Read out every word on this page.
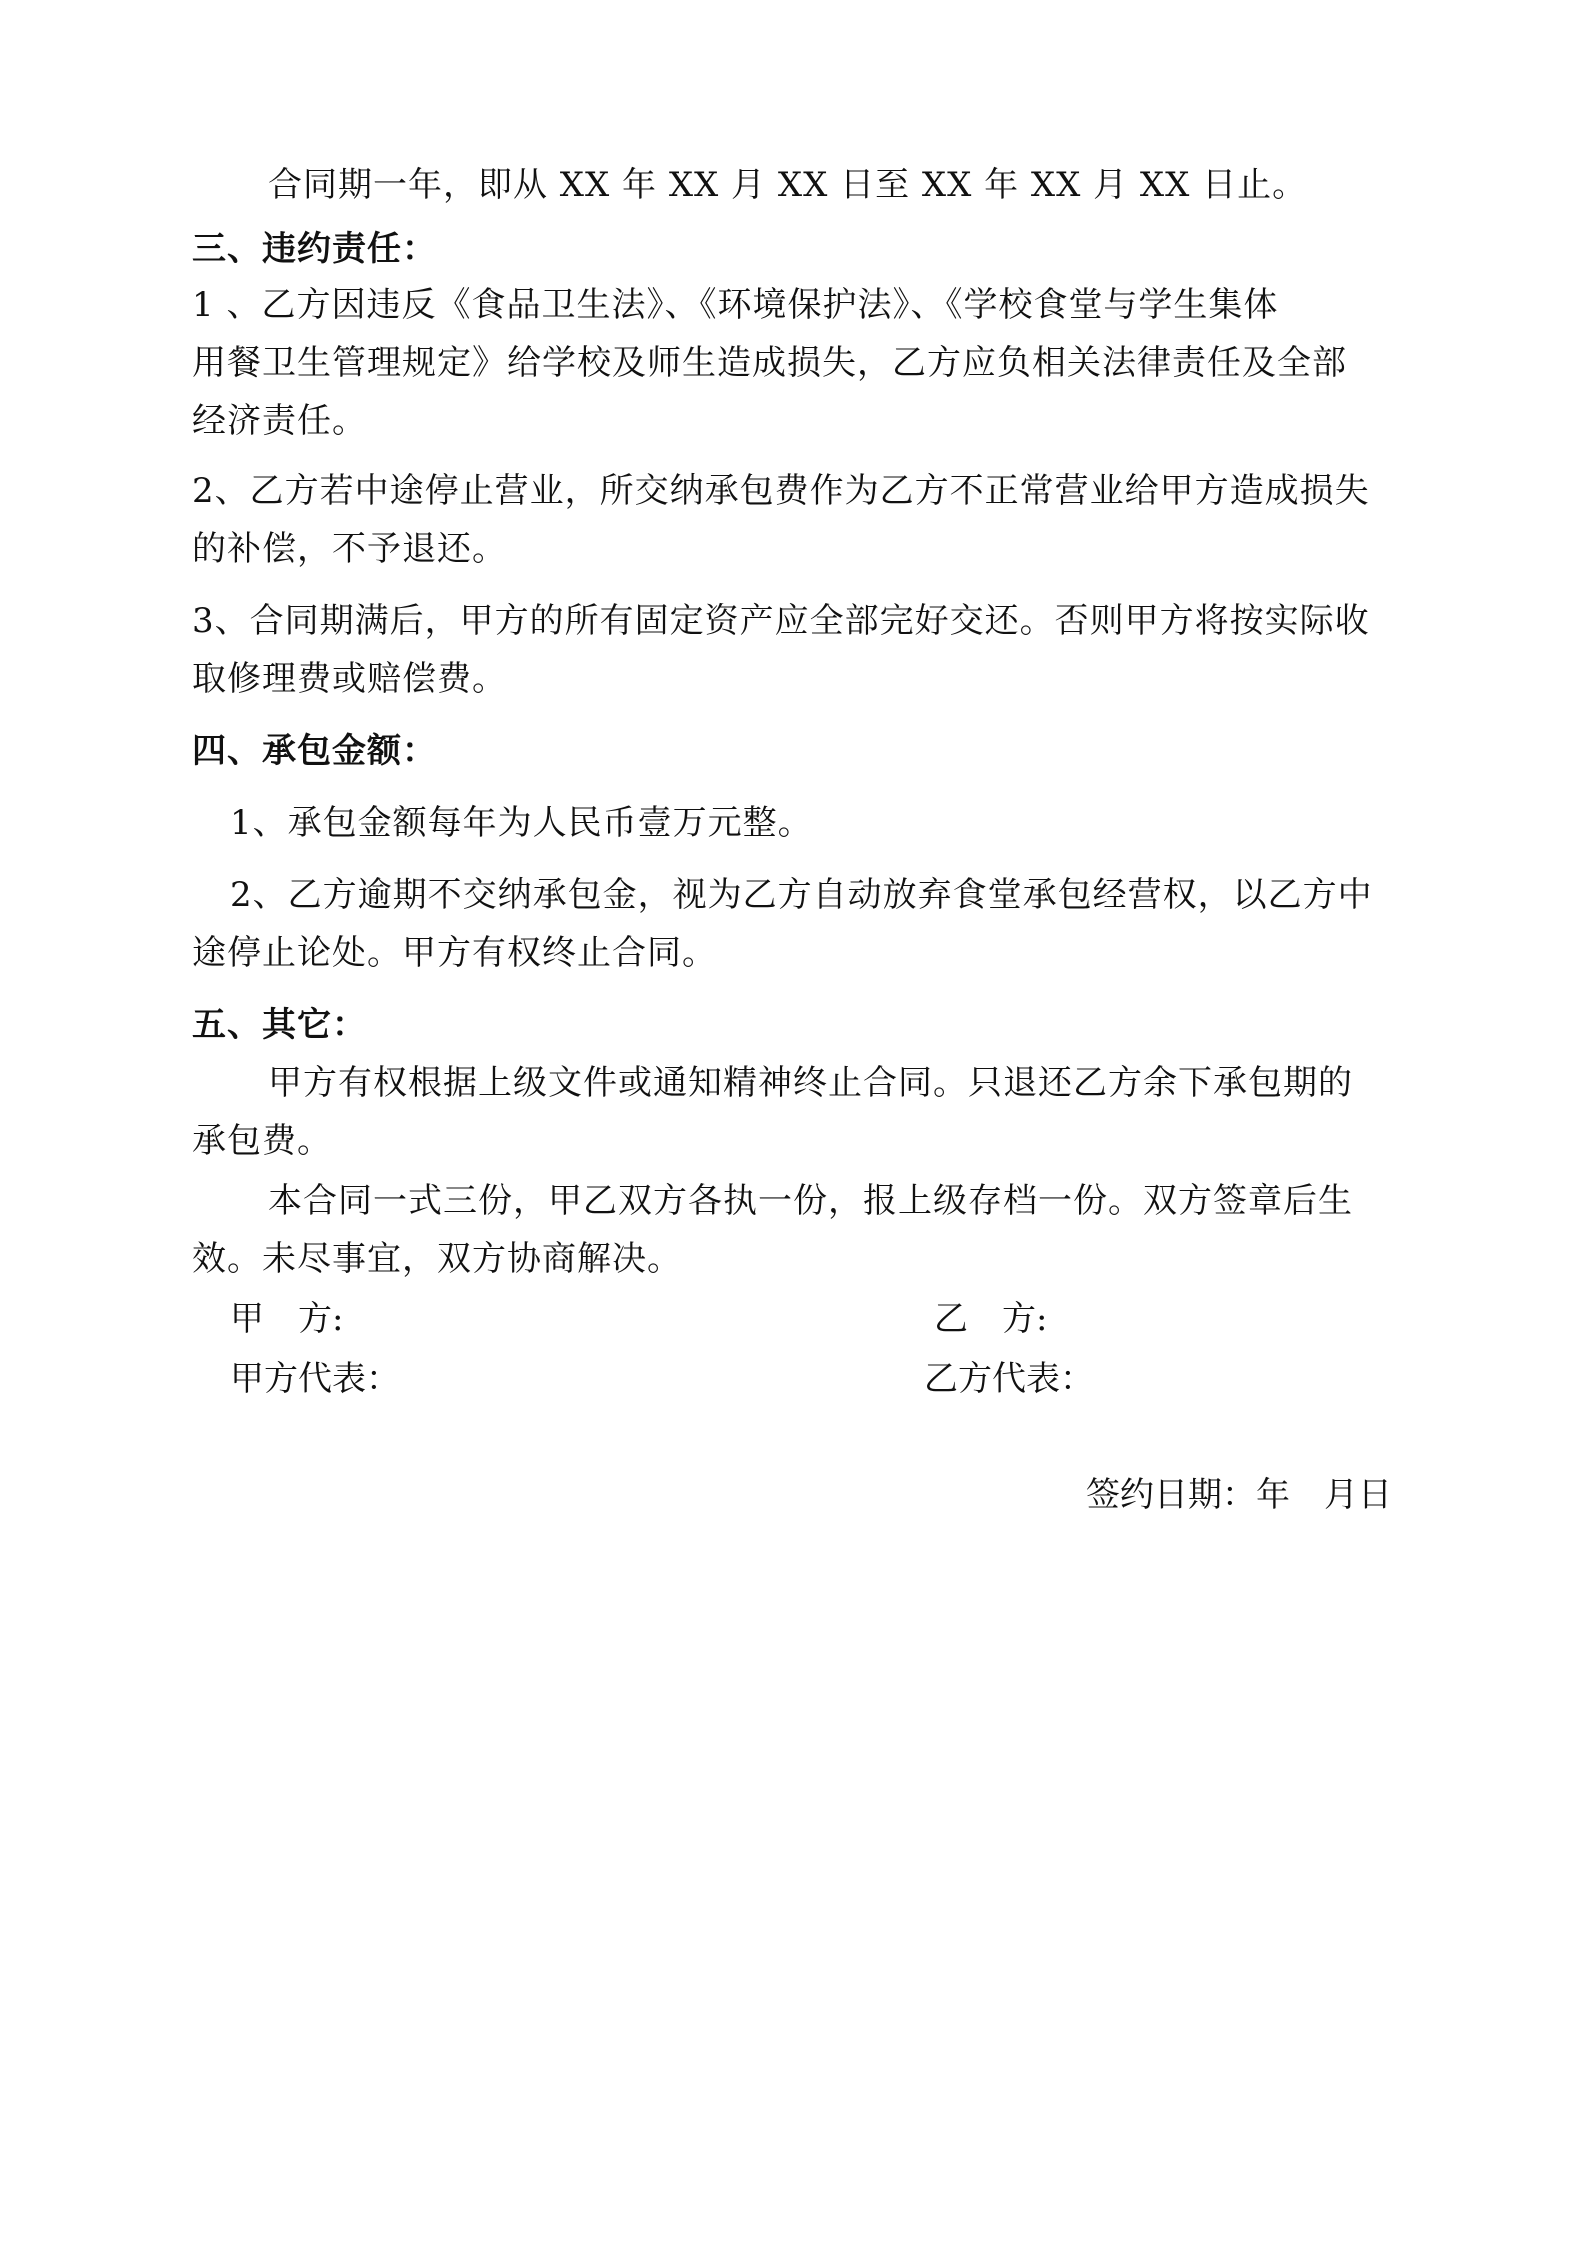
合同期一年，即从 XX 年 XX 月 XX 日至 XX 年 XX 月 XX 日止。
三、违约责任：
1 、乙方因违反《食品卫生法》、《环境保护法》、《学校食堂与学生集体
用餐卫生管理规定》给学校及师生造成损失，乙方应负相关法律责任及全部
经济责任。
2、乙方若中途停止营业，所交纳承包费作为乙方不正常营业给甲方造成损失
的补偿，不予退还。
3、合同期满后，甲方的所有固定资产应全部完好交还。否则甲方将按实际收
取修理费或赔偿费。
四、承包金额：
1、承包金额每年为人民币壹万元整。
2、乙方逾期不交纳承包金，视为乙方自动放弃食堂承包经营权，以乙方中
途停止论处。甲方有权终止合同。
五、其它：
甲方有权根据上级文件或通知精神终止合同。只退还乙方余下承包期的
承包费。
本合同一式三份，甲乙双方各执一份，报上级存档一份。双方签章后生
效。未尽事宜，双方协商解决。
甲　方:	乙　方:
甲方代表：	乙方代表：
签约日期：年　月日
